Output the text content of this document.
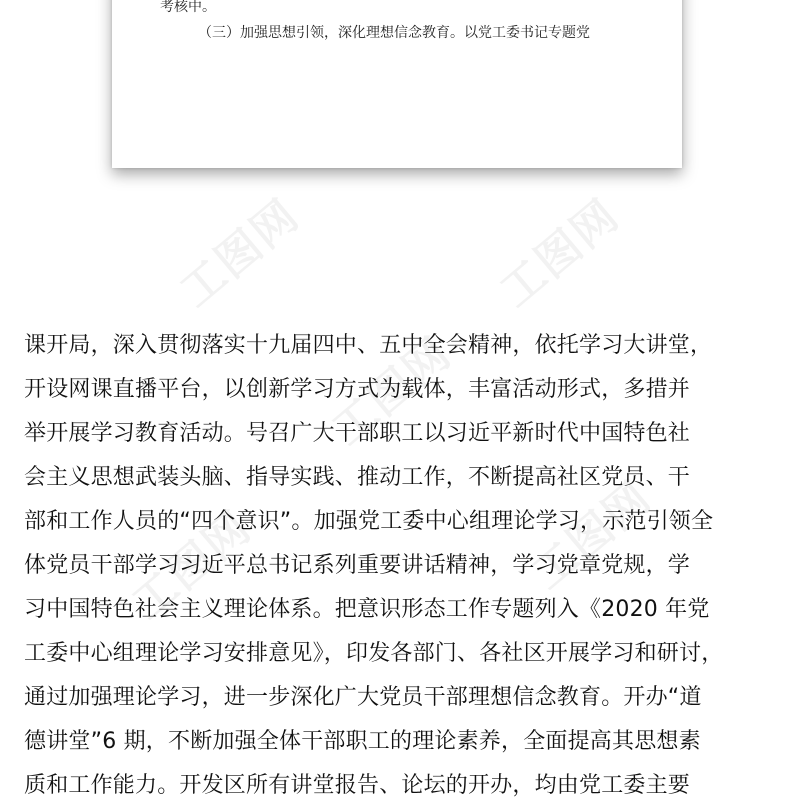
考核中。
（三）加强思想引领，深化理想信念教育。以党工委书记专题党
工图网	工图网
工图网
工图网	工图网
课开局，深入贯彻落实十九届四中、五中全会精神，依托学习大讲堂，
开设网课直播平台，以创新学习方式为载体，丰富活动形式，多措并
举开展学习教育活动。号召广大干部职工以习近平新时代中国特色社
会主义思想武装头脑、指导实践、推动工作，不断提高社区党员、干
部和工作人员的“四个意识”。加强党工委中心组理论学习，示范引领全
体党员干部学习习近平总书记系列重要讲话精神，学习党章党规，学
习中国特色社会主义理论体系。把意识形态工作专题列入《2020 年党
工委中心组理论学习安排意见》，印发各部门、各社区开展学习和研讨，
通过加强理论学习，进一步深化广大党员干部理想信念教育。开办“道
德讲堂”6 期，不断加强全体干部职工的理论素养，全面提高其思想素
质和工作能力。开发区所有讲堂报告、论坛的开办，均由党工委主要
